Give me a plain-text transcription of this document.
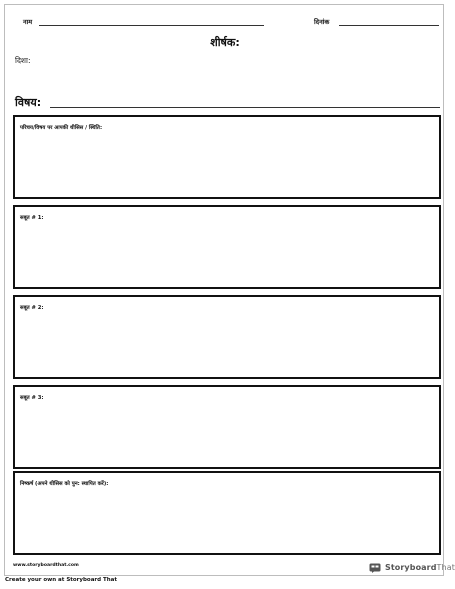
नाम	दिनांक
शीर्षक:
दिशा:
विषय:
परिचय/विषय पर आपकी थीसिस / स्थिति:
सबूत # 1:
सबूत # 2:
सबूत # 3:
निष्कर्ष (अपने थीसिस को पुन: स्थापित करें):
www.storyboardthat.com	StoryboardThat
Create your own at Storyboard That
